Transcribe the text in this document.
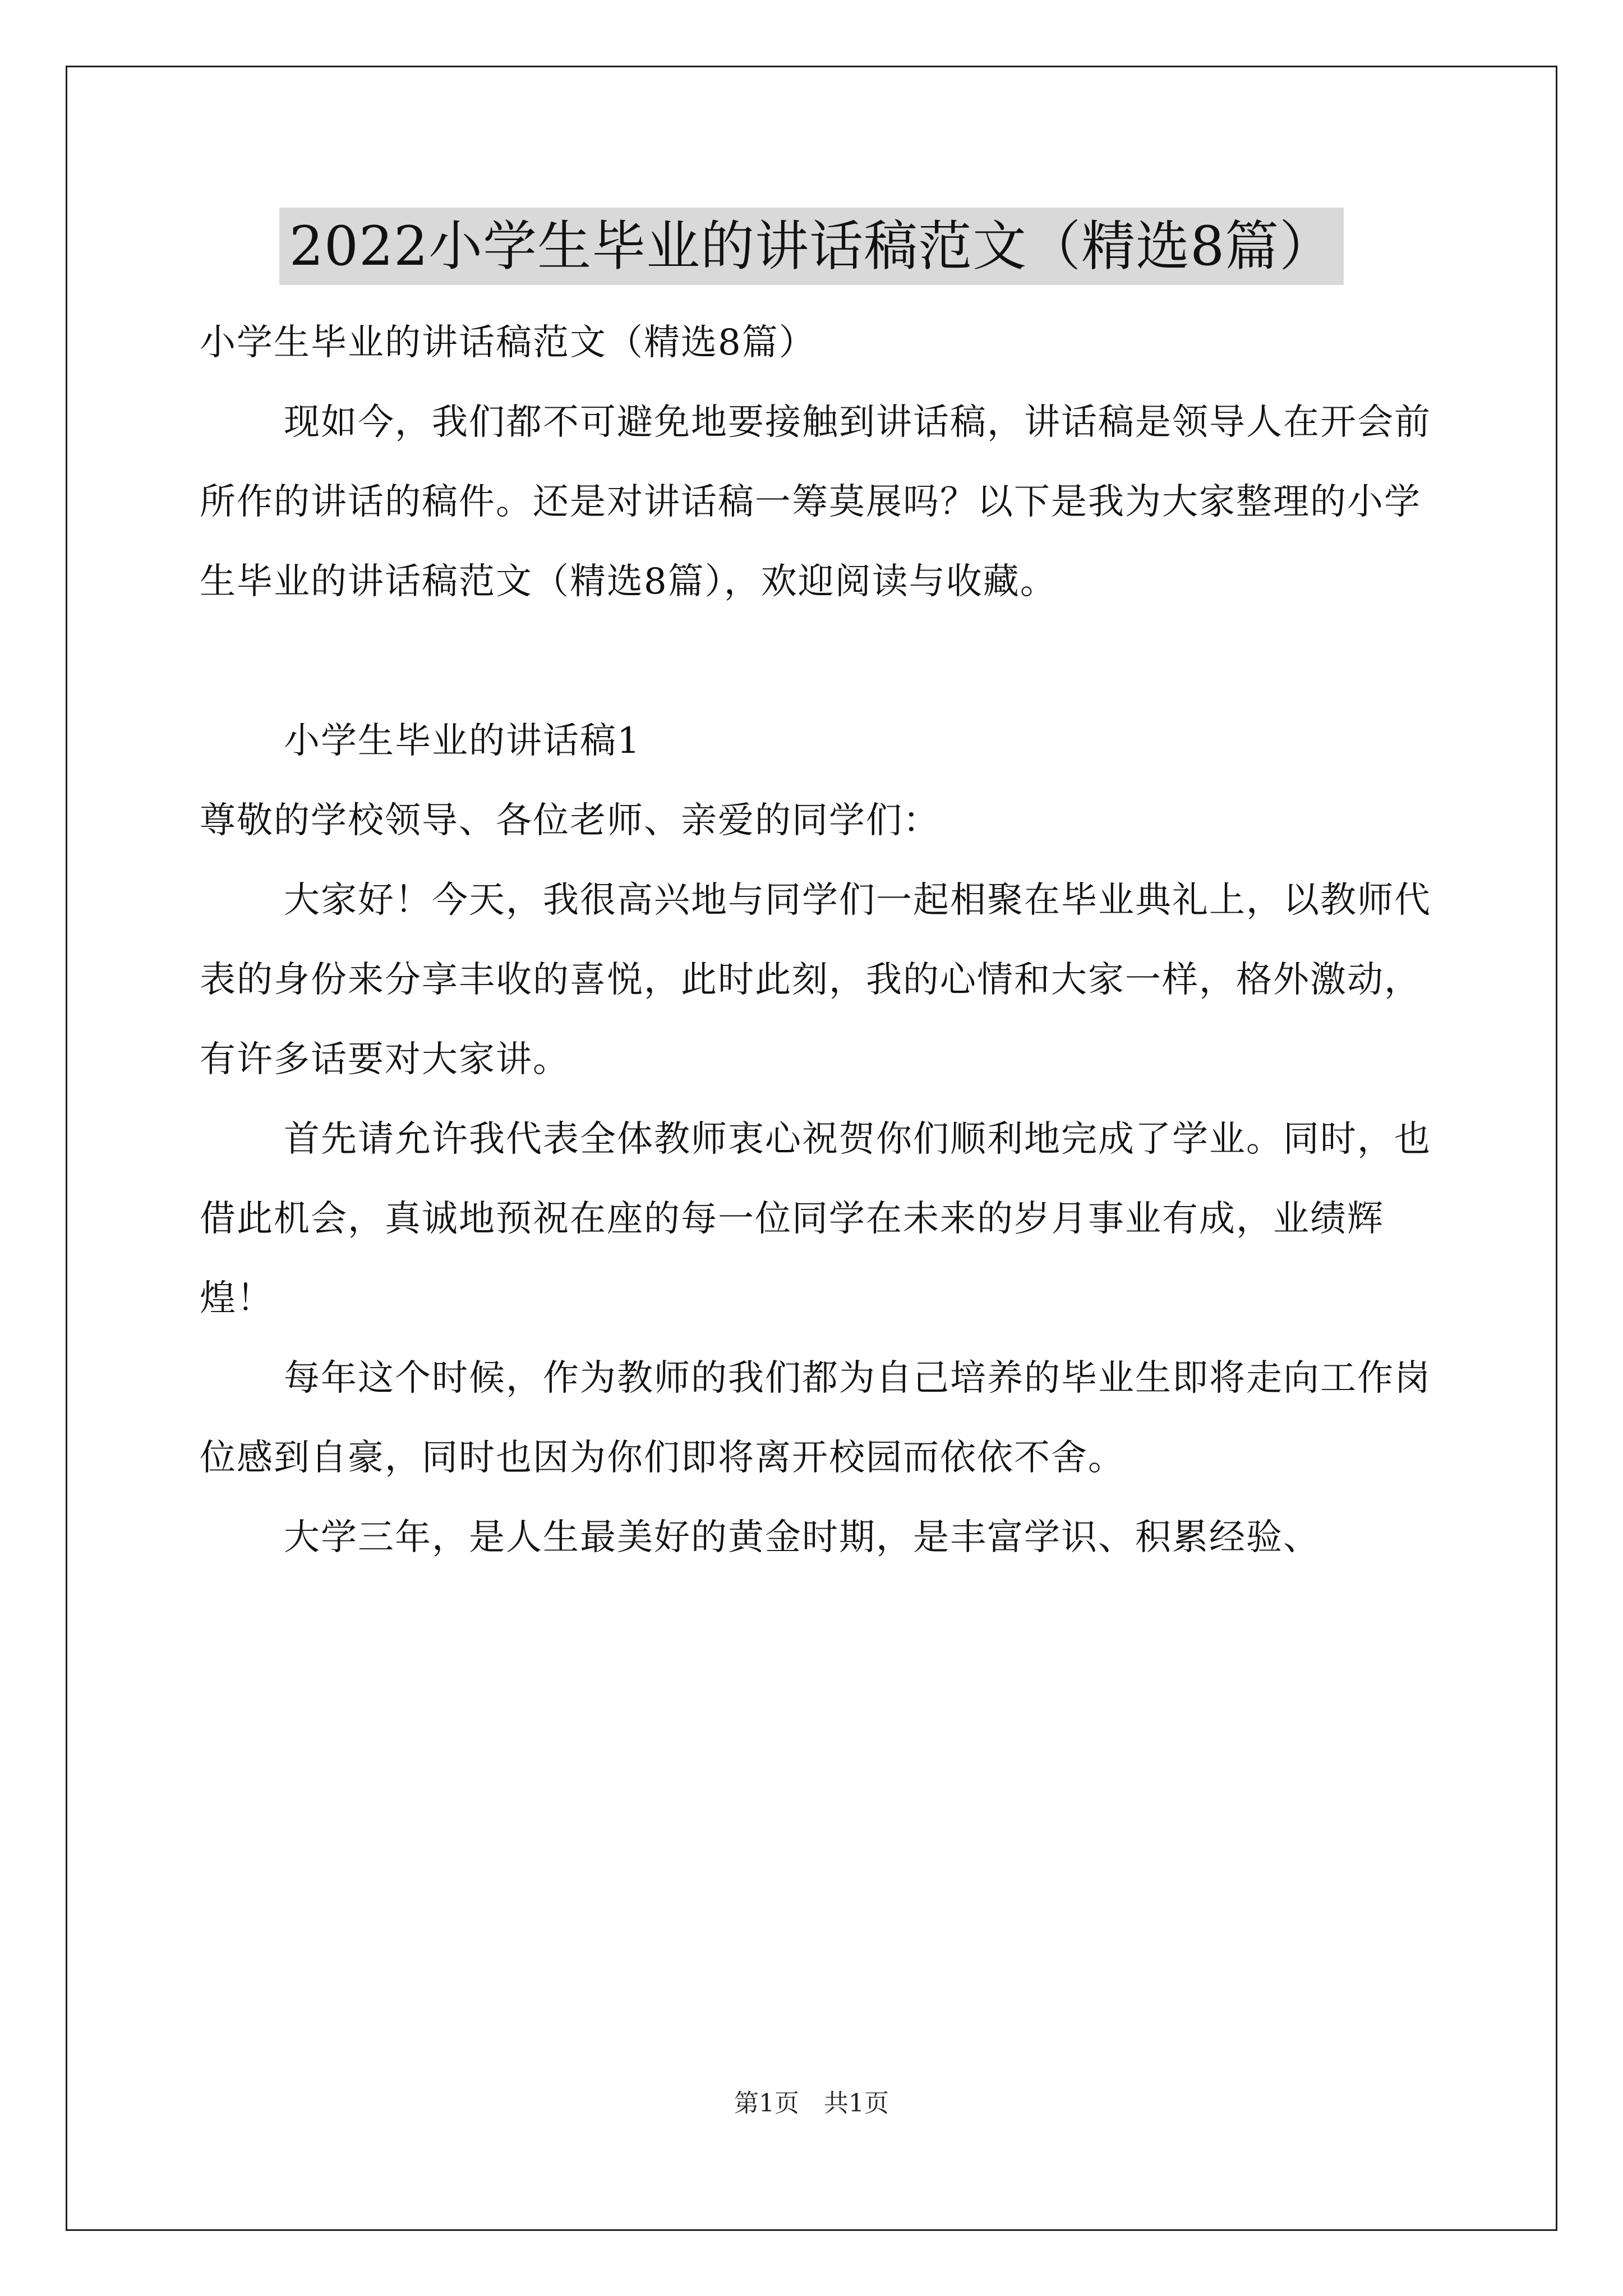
2022小学生毕业的讲话稿范文（精选8篇）

小学生毕业的讲话稿范文（精选8篇）

现如今，我们都不可避免地要接触到讲话稿，讲话稿是领导人在开会前所作的讲话的稿件。还是对讲话稿一筹莫展吗？以下是我为大家整理的小学生毕业的讲话稿范文（精选8篇），欢迎阅读与收藏。

小学生毕业的讲话稿1

尊敬的学校领导、各位老师、亲爱的同学们：

大家好！今天，我很高兴地与同学们一起相聚在毕业典礼上，以教师代表的身份来分享丰收的喜悦，此时此刻，我的心情和大家一样，格外激动，有许多话要对大家讲。

首先请允许我代表全体教师衷心祝贺你们顺利地完成了学业。同时，也借此机会，真诚地预祝在座的每一位同学在未来的岁月事业有成，业绩辉煌！

每年这个时候，作为教师的我们都为自己培养的毕业生即将走向工作岗位感到自豪，同时也因为你们即将离开校园而依依不舍。

大学三年，是人生最美好的黄金时期，是丰富学识、积累经验、

第1页　共1页
